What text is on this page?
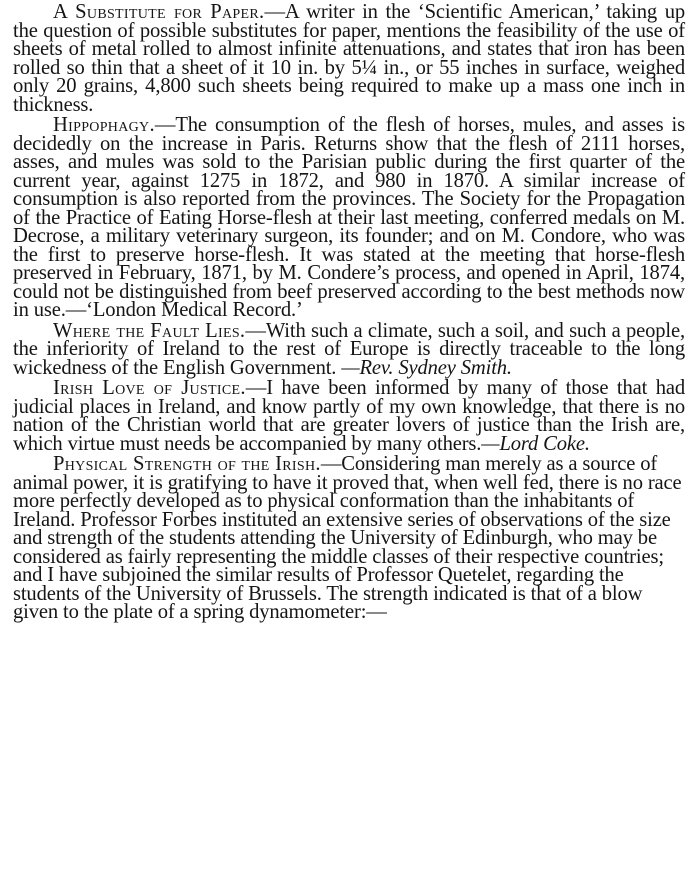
A Substitute for Paper.—A writer in the ‘Scientific American,’ taking up the question of possible substitutes for paper, mentions the feasibility of the use of sheets of metal rolled to almost infinite attenuations, and states that iron has been rolled so thin that a sheet of it 10 in. by 5¼ in., or 55 inches in surface, weighed only 20 grains, 4,800 such sheets being required to make up a mass one inch in thickness.

Hippophagy.—The consumption of the flesh of horses, mules, and asses is decidedly on the increase in Paris. Returns show that the flesh of 2111 horses, asses, and mules was sold to the Parisian public during the first quarter of the current year, against 1275 in 1872, and 980 in 1870. A similar increase of consumption is also reported from the provinces. The Society for the Propagation of the Practice of Eating Horse-flesh at their last meeting, conferred medals on M. Decrose, a military veterinary surgeon, its founder; and on M. Condore, who was the first to preserve horse-flesh. It was stated at the meeting that horse-flesh preserved in February, 1871, by M. Condere’s process, and opened in April, 1874, could not be distinguished from beef preserved according to the best methods now in use.—‘London Medical Record.’

Where the Fault Lies.—With such a climate, such a soil, and such a people, the inferiority of Ireland to the rest of Europe is directly traceable to the long wickedness of the English Government. —Rev. Sydney Smith.

Irish Love of Justice.—I have been informed by many of those that had judicial places in Ireland, and know partly of my own knowledge, that there is no nation of the Christian world that are greater lovers of justice than the Irish are, which virtue must needs be accompanied by many others.—Lord Coke.

Physical Strength of the Irish.—Considering man merely as a source of animal power, it is gratifying to have it proved that, when well fed, there is no race more perfectly developed as to physical conformation than the inhabitants of Ireland. Professor Forbes instituted an extensive series of observations of the size and strength of the students attending the University of Edinburgh, who may be considered as fairly representing the middle classes of their respective countries; and I have subjoined the similar results of Professor Quetelet, regarding the students of the University of Brussels. The strength indicated is that of a blow given to the plate of a spring dynamometer:—
